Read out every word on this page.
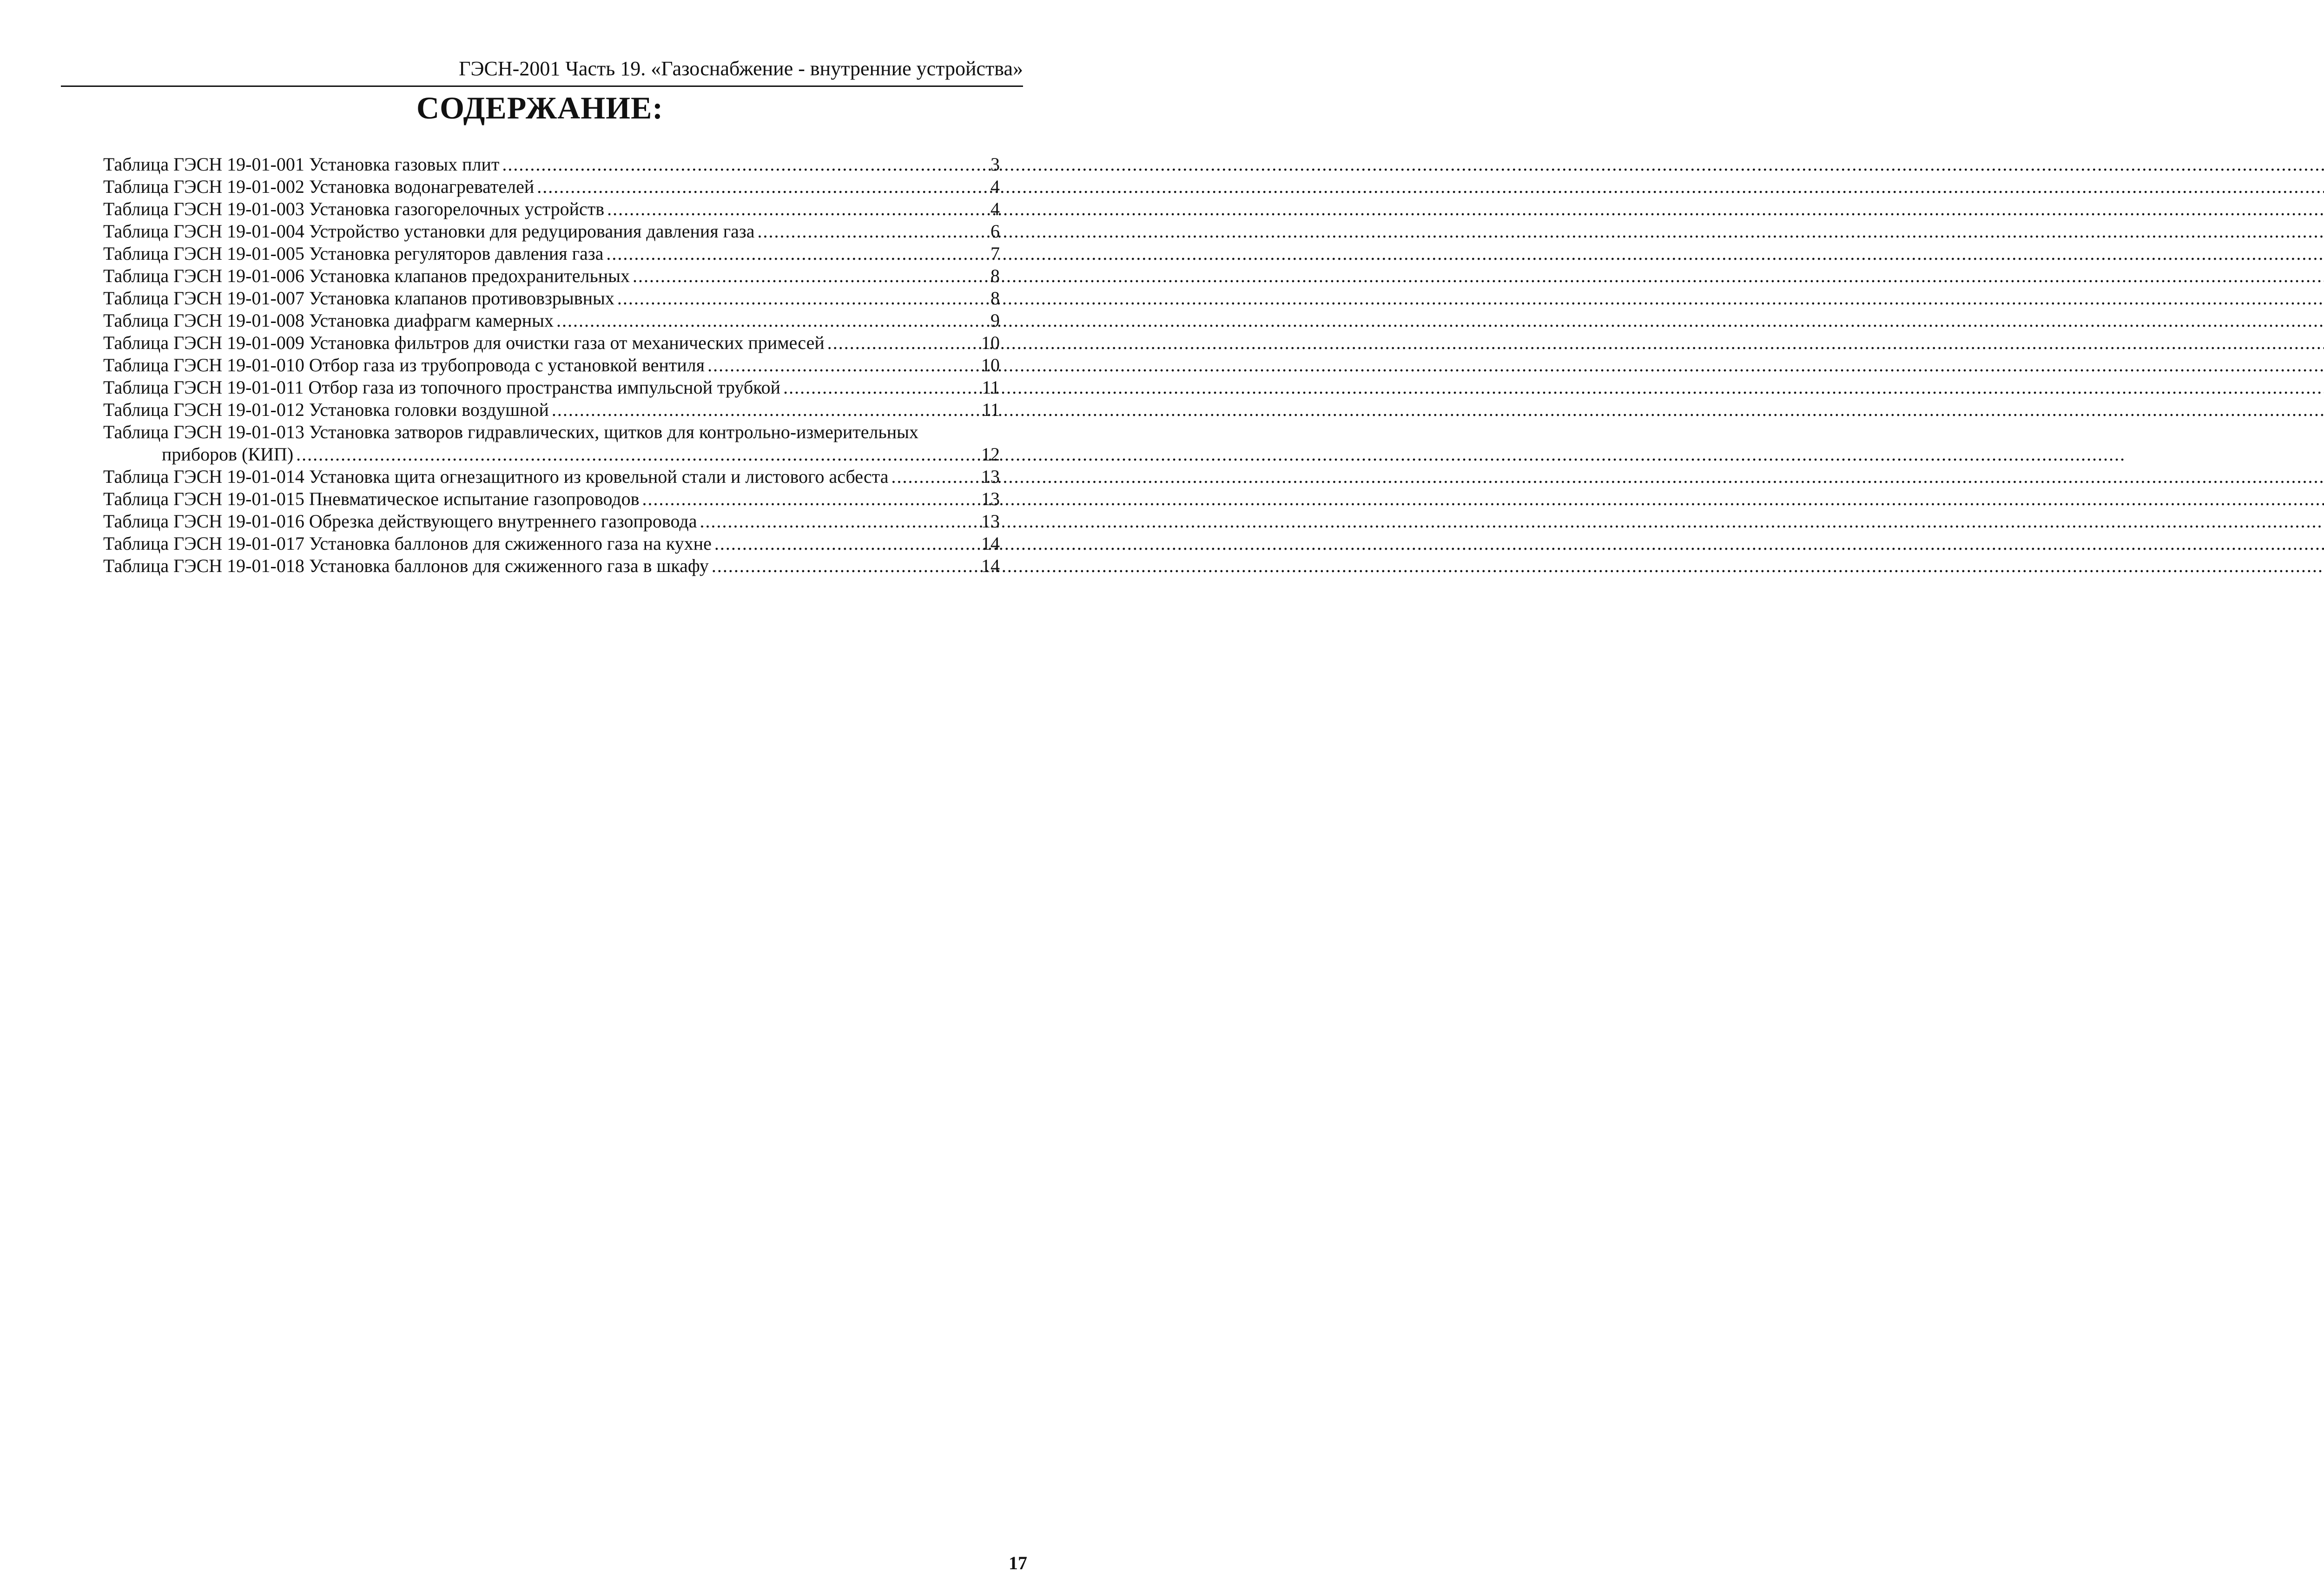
ГЭСН-2001 Часть 19. «Газоснабжение - внутренние устройства»
СОДЕРЖАНИЕ:
Таблица ГЭСН 19-01-001 Установка газовых плит .....	3
Таблица ГЭСН 19-01-002 Установка водонагревателей .....	4
Таблица ГЭСН 19-01-003 Установка газогорелочных устройств .....	4
Таблица ГЭСН 19-01-004 Устройство установки для редуцирования давления газа .....	6
Таблица ГЭСН 19-01-005 Установка регуляторов давления газа .....	7
Таблица ГЭСН 19-01-006 Установка клапанов предохранительных .....	8
Таблица ГЭСН 19-01-007 Установка клапанов противовзрывных .....	8
Таблица ГЭСН 19-01-008 Установка диафрагм камерных .....	9
Таблица ГЭСН 19-01-009 Установка фильтров для очистки газа от механических примесей .....	10
Таблица ГЭСН 19-01-010 Отбор газа из трубопровода с установкой вентиля .....	10
Таблица ГЭСН 19-01-011 Отбор газа из топочного пространства импульсной трубкой .....	11
Таблица ГЭСН 19-01-012 Установка головки воздушной .....	11
Таблица ГЭСН 19-01-013 Установка затворов гидравлических, щитков для контрольно-измерительных
приборов (КИП) .....	12
Таблица ГЭСН 19-01-014 Установка щита огнезащитного из кровельной стали и листового асбеста .....	13
Таблица ГЭСН 19-01-015 Пневматическое испытание газопроводов .....	13
Таблица ГЭСН 19-01-016 Обрезка действующего внутреннего газопровода .....	13
Таблица ГЭСН 19-01-017 Установка баллонов для сжиженного газа на кухне .....	14
Таблица ГЭСН 19-01-018 Установка баллонов для сжиженного газа в шкафу .....	14
17
